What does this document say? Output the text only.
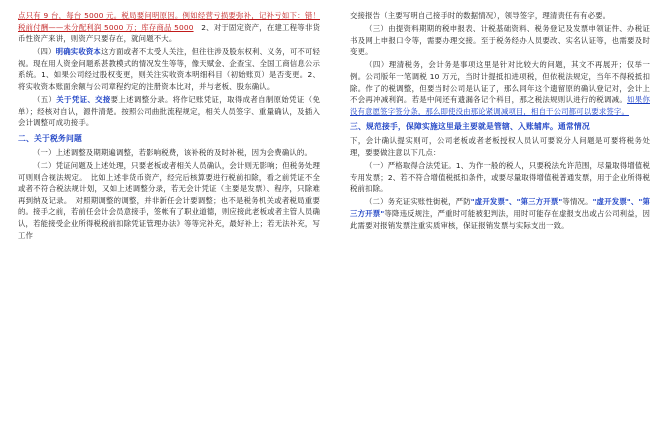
点只有 9 台，每台 5000 元。税局要问明原因。例如经营亏损要弥补，记补亏如下：错！税前付酬——未分配利润 5000 万；库存商品 5000　2、对于固定资产，在建工程等非货币性资产来讲，则资产只要存在，就问题不大。

（四）明确实收资本这方面或者不太受人关注，但往往涉及股东权利、义务，可不可轻视。现在用人资金问题系甚教模式的情况发生等等，像天赋金、企查宝、全国工商信息公示系统。1、如果公司经过股权变更，则关注实收资本明细科目（初始账页）是否变更。2、将实收资本账面余额与公司章程约定的注册资本比对，并与老板、股东确认。

（五）关于凭证、交接要上述调整分录。将作记账凭证，取得成者自制原始凭证（免单）；经核对自认，源件清楚。按照公司曲批流程规定，相关人员签字、重量确认，及插入会计调整可成功接手。

二、关于税务问题

（一）上述调整及期期遍调整，若影响税费，该补税的及时补税，因为会费确认的。

（二）凭证问题及上述处理，只要老板或者相关人员确认，会计则无影响；但税务处理可则则合视法规定。　比如上述非货币资产，经完后核算要进行税前扣除，看之前凭证不全或者不符合税法规计划，又如上述调整分录，若无会计凭证（主要是发票）、程序，只除难再到纳及记录。　对照期调整的调整，并非新任会计要调整；也不是税务机关或者税局重要的。接手之前，若前任会计会员意接手，签帐有了职业道德，则应接此老板或者主管人员确认，若能接受企业所得税税前扣除凭证管理办法》等等完补充，最好补上；若无法补充，写工作

交接报告（主要写明自己接手时的数据情况），领导签字，理清责任有有必要。

（三）由提资料期期的税申报表、计税基础资料、税务登记及发票申领证件、办税证书及网上申报口令等，需要办理交接。至于税务经办人员要改、实名认证等，也需要及时变更。

（四）理清税务，会计务是事项这里是针对比较大的问题，其文不再展开；仅举一例。公司版年一笔调税 10 万元，当时计提抵扣进项税，但依税法规定，当年不得税抵扣除。作了的税调整，但要当时公司是认证了，那么同年这个遗留原的确认登记对，会计上不会再冲减利润。若是中间还有遗漏各记个科目，那之税法规则认进行的税调减。如果你没有意愿签字签分条，那么即使没由那论紧调减项目，相自干公司都可以要求签字。

三、规范接手，保障实施这里最主要就是管辖、入账辅库。通常情况

下，会计确认提实则可，公司老板或者老板授权人员认可要说分人问题是可要将税务处理，要要做注意以下几点：

（一）严格取得合法凭证。1、为作一般的税人，只要税法允许范围，尽量取得增值税专用发票；2、若不符合增值税抵扣条件，或要尽量取得增值税普通发票，用于企业所得税税前扣除。

（二）务充证实账性街税，严防"虚开发票"、"第三方开票"等情况。"虚开发票"、"第三方开票"等降违反规注，严重时可能被犯判法，用时可能存在虚报支出或占公司利益，因此需要对报销发票注重实质审核，保证报销发票与实际支出一致。
